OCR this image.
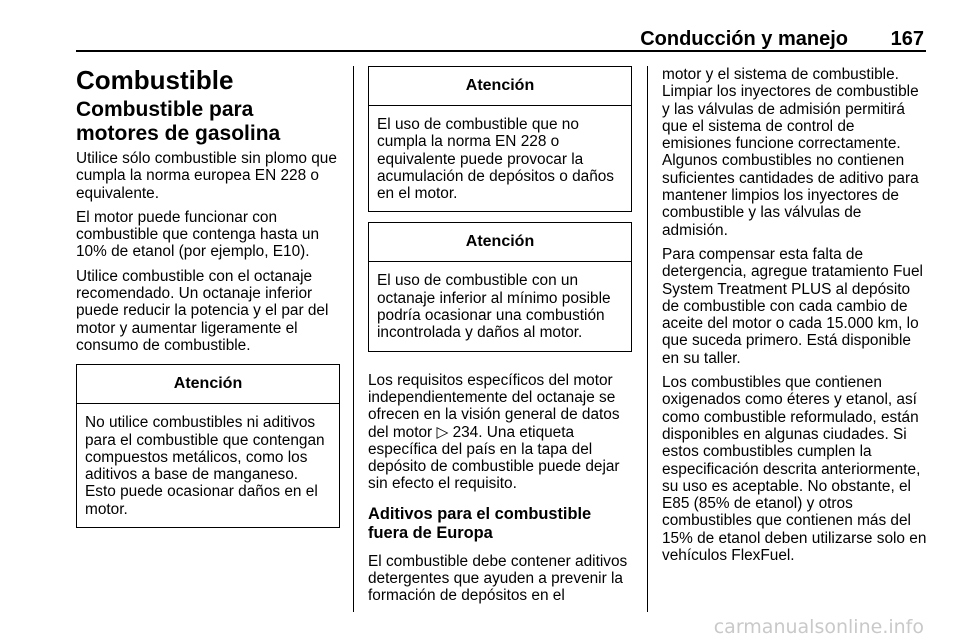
Conducción y manejo 167
Combustible
Combustible para motores de gasolina

Utilice sólo combustible sin plomo que cumpla la norma europea EN 228 o equivalente.

El motor puede funcionar con combustible que contenga hasta un 10% de etanol (por ejemplo, E10).

Utilice combustible con el octanaje recomendado. Un octanaje inferior puede reducir la potencia y el par del motor y aumentar ligeramente el consumo de combustible.

Atención
No utilice combustibles ni aditivos para el combustible que contengan compuestos metálicos, como los aditivos a base de manganeso. Esto puede ocasionar daños en el motor.
Atención
El uso de combustible que no cumpla la norma EN 228 o equivalente puede provocar la acumulación de depósitos o daños en el motor.
Atención
El uso de combustible con un octanaje inferior al mínimo posible podría ocasionar una combustión incontrolada y daños al motor.

Los requisitos específicos del motor independientemente del octanaje se ofrecen en la visión general de datos del motor ▷ 234. Una etiqueta específica del país en la tapa del depósito de combustible puede dejar sin efecto el requisito.

Aditivos para el combustible fuera de Europa

El combustible debe contener aditivos detergentes que ayuden a prevenir la formación de depósitos en el

motor y el sistema de combustible. Limpiar los inyectores de combustible y las válvulas de admisión permitirá que el sistema de control de emisiones funcione correctamente. Algunos combustibles no contienen suficientes cantidades de aditivo para mantener limpios los inyectores de combustible y las válvulas de admisión.

Para compensar esta falta de detergencia, agregue tratamiento Fuel System Treatment PLUS al depósito de combustible con cada cambio de aceite del motor o cada 15.000 km, lo que suceda primero. Está disponible en su taller.

Los combustibles que contienen oxigenados como éteres y etanol, así como combustible reformulado, están disponibles en algunas ciudades. Si estos combustibles cumplen la especificación descrita anteriormente, su uso es aceptable. No obstante, el E85 (85% de etanol) y otros combustibles que contienen más del 15% de etanol deben utilizarse solo en vehículos FlexFuel.

carmanualsonline.info
